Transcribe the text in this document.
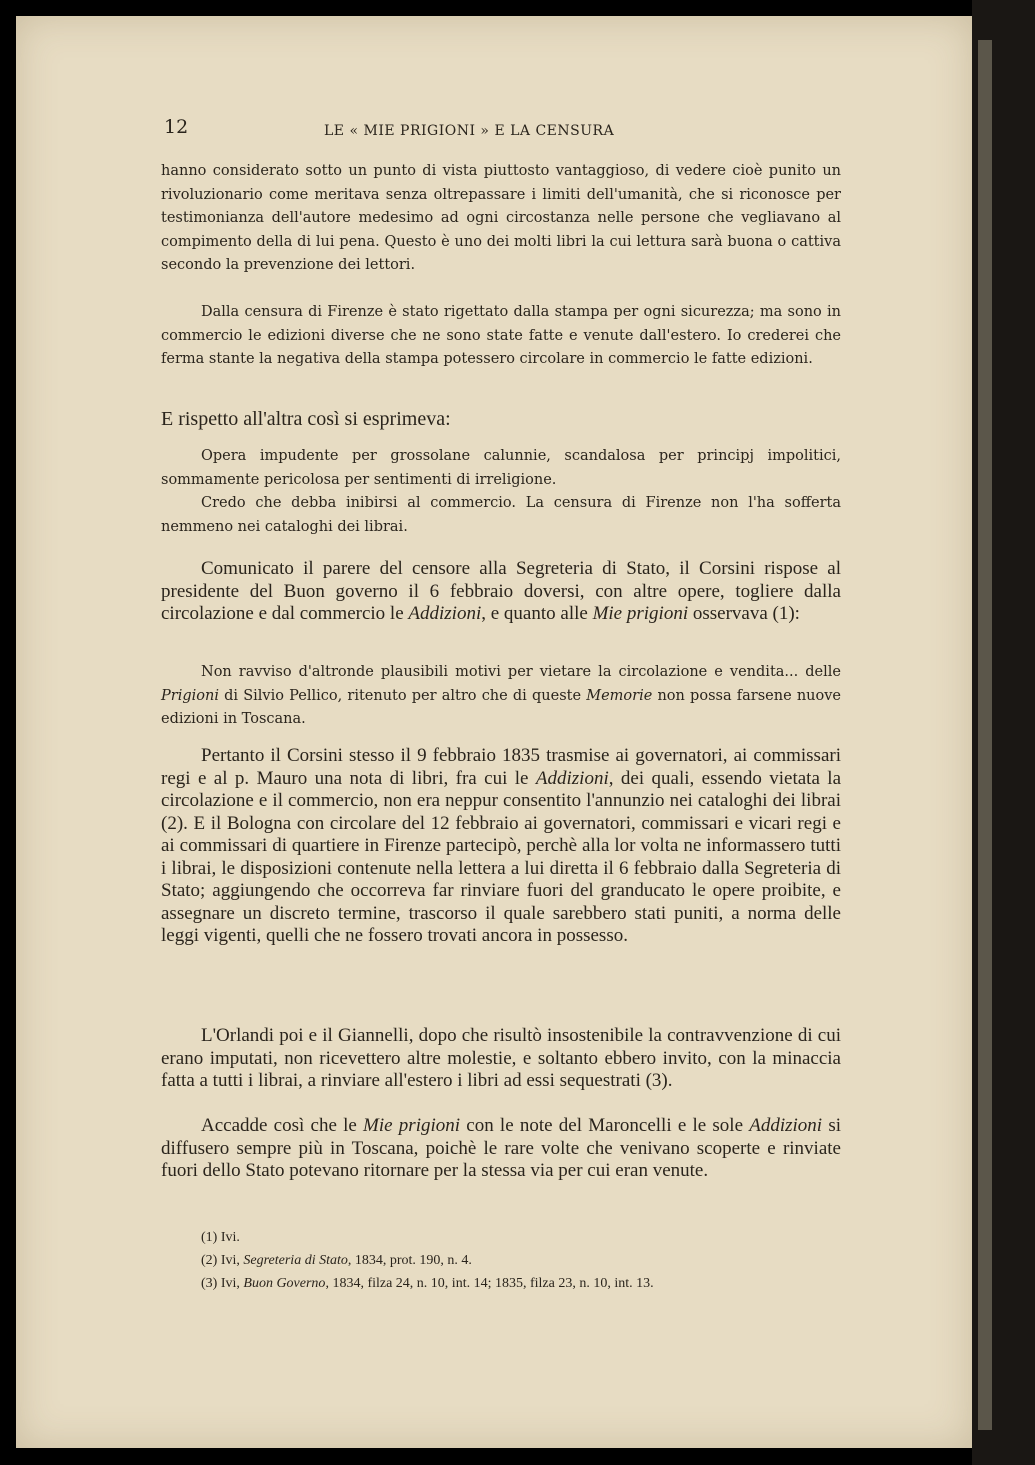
12	LE « MIE PRIGIONI » E LA CENSURA

hanno considerato sotto un punto di vista piuttosto vantaggioso, di vedere cioè punito un rivoluzionario come meritava senza oltrepassare i limiti dell'umanità, che si riconosce per testimonianza dell'autore medesimo ad ogni circostanza nelle persone che vegliavano al compimento della di lui pena. Questo è uno dei molti libri la cui lettura sarà buona o cattiva secondo la prevenzione dei lettori.

Dalla censura di Firenze è stato rigettato dalla stampa per ogni sicurezza; ma sono in commercio le edizioni diverse che ne sono state fatte e venute dall'estero. Io crederei che ferma stante la negativa della stampa potessero circolare in commercio le fatte edizioni.

E rispetto all'altra così si esprimeva:

Opera impudente per grossolane calunnie, scandalosa per principj impolitici, sommamente pericolosa per sentimenti di irreligione.

Credo che debba inibirsi al commercio. La censura di Firenze non l'ha sofferta nemmeno nei cataloghi dei librai.

Comunicato il parere del censore alla Segreteria di Stato, il Corsini rispose al presidente del Buon governo il 6 febbraio doversi, con altre opere, togliere dalla circolazione e dal commercio le Addizioni, e quanto alle Mie prigioni osservava (1):

Non ravviso d'altronde plausibili motivi per vietare la circolazione e vendita... delle Prigioni di Silvio Pellico, ritenuto per altro che di queste Memorie non possa farsene nuove edizioni in Toscana.

Pertanto il Corsini stesso il 9 febbraio 1835 trasmise ai governatori, ai commissari regi e al p. Mauro una nota di libri, fra cui le Addizioni, dei quali, essendo vietata la circolazione e il commercio, non era neppur consentito l'annunzio nei cataloghi dei librai (2). E il Bologna con circolare del 12 febbraio ai governatori, commissari e vicari regi e ai commissari di quartiere in Firenze partecipò, perchè alla lor volta ne informassero tutti i librai, le disposizioni contenute nella lettera a lui diretta il 6 febbraio dalla Segreteria di Stato; aggiungendo che occorreva far rinviare fuori del granducato le opere proibite, e assegnare un discreto termine, trascorso il quale sarebbero stati puniti, a norma delle leggi vigenti, quelli che ne fossero trovati ancora in possesso.

L'Orlandi poi e il Giannelli, dopo che risultò insostenibile la contravvenzione di cui erano imputati, non ricevettero altre molestie, e soltanto ebbero invito, con la minaccia fatta a tutti i librai, a rinviare all'estero i libri ad essi sequestrati (3).

Accadde così che le Mie prigioni con le note del Maroncelli e le sole Addizioni si diffusero sempre più in Toscana, poichè le rare volte che venivano scoperte e rinviate fuori dello Stato potevano ritornare per la stessa via per cui eran venute.

(1) Ivi.

(2) Ivi, Segreteria di Stato, 1834, prot. 190, n. 4.

(3) Ivi, Buon Governo, 1834, filza 24, n. 10, int. 14; 1835, filza 23, n. 10, int. 13.
